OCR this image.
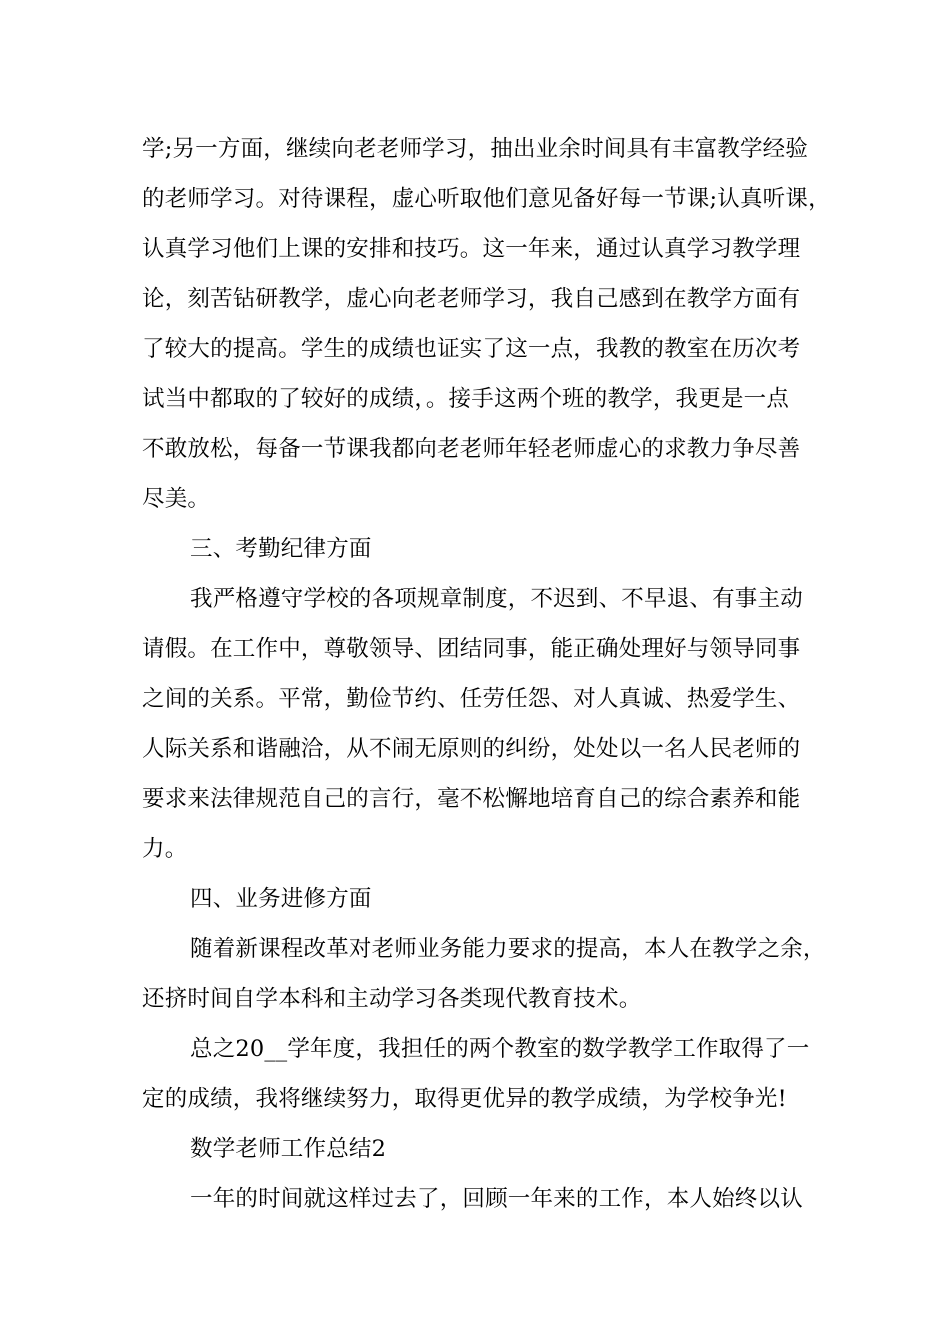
学;另一方面，继续向老老师学习，抽出业余时间具有丰富教学经验
的老师学习。对待课程，虚心听取他们意见备好每一节课;认真听课，
认真学习他们上课的安排和技巧。这一年来，通过认真学习教学理
论，刻苦钻研教学，虚心向老老师学习，我自己感到在教学方面有
了较大的提高。学生的成绩也证实了这一点，我教的教室在历次考
试当中都取的了较好的成绩，。接手这两个班的教学，我更是一点
不敢放松，每备一节课我都向老老师年轻老师虚心的求教力争尽善
尽美。
三、考勤纪律方面
我严格遵守学校的各项规章制度，不迟到、不早退、有事主动
请假。在工作中，尊敬领导、团结同事，能正确处理好与领导同事
之间的关系。平常，勤俭节约、任劳任怨、对人真诚、热爱学生、
人际关系和谐融洽，从不闹无原则的纠纷，处处以一名人民老师的
要求来法律规范自己的言行，毫不松懈地培育自己的综合素养和能
力。
四、业务进修方面
随着新课程改革对老师业务能力要求的提高，本人在教学之余，
还挤时间自学本科和主动学习各类现代教育技术。
总之20__学年度，我担任的两个教室的数学教学工作取得了一
定的成绩，我将继续努力，取得更优异的教学成绩，为学校争光!
数学老师工作总结2
一年的时间就这样过去了，回顾一年来的工作，本人始终以认
